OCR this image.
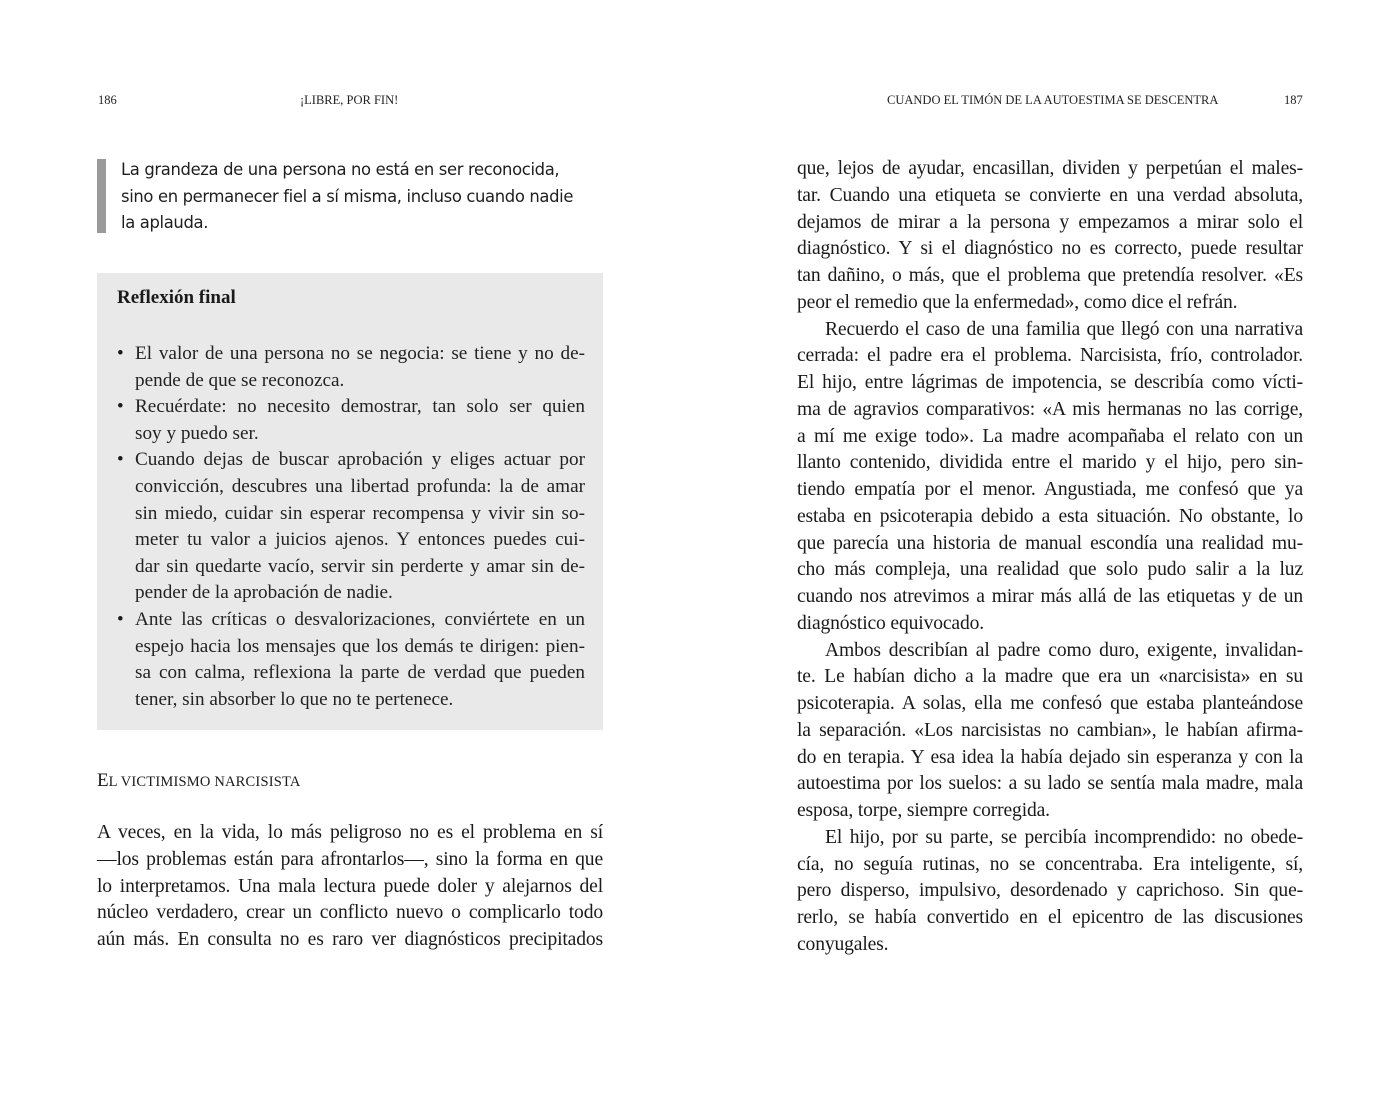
186	¡LIBRE, POR FIN!
La grandeza de una persona no está en ser reconocida,
sino en permanecer fiel a sí misma, incluso cuando nadie
la aplauda.
Reflexión final
• El valor de una persona no se negocia: se tiene y no de-
pende de que se reconozca.
• Recuérdate: no necesito demostrar, tan solo ser quien
soy y puedo ser.
• Cuando dejas de buscar aprobación y eliges actuar por
convicción, descubres una libertad profunda: la de amar
sin miedo, cuidar sin esperar recompensa y vivir sin so-
meter tu valor a juicios ajenos. Y entonces puedes cui-
dar sin quedarte vacío, servir sin perderte y amar sin de-
pender de la aprobación de nadie.
• Ante las críticas o desvalorizaciones, conviértete en un
espejo hacia los mensajes que los demás te dirigen: pien-
sa con calma, reflexiona la parte de verdad que pueden
tener, sin absorber lo que no te pertenece.
EL VICTIMISMO NARCISISTA
A veces, en la vida, lo más peligroso no es el problema en sí
—los problemas están para afrontarlos—, sino la forma en que
lo interpretamos. Una mala lectura puede doler y alejarnos del
núcleo verdadero, crear un conflicto nuevo o complicarlo todo
aún más. En consulta no es raro ver diagnósticos precipitados
CUANDO EL TIMÓN DE LA AUTOESTIMA SE DESCENTRA	187
que, lejos de ayudar, encasillan, dividen y perpetúan el males-
tar. Cuando una etiqueta se convierte en una verdad absoluta,
dejamos de mirar a la persona y empezamos a mirar solo el
diagnóstico. Y si el diagnóstico no es correcto, puede resultar
tan dañino, o más, que el problema que pretendía resolver. «Es
peor el remedio que la enfermedad», como dice el refrán.
Recuerdo el caso de una familia que llegó con una narrativa
cerrada: el padre era el problema. Narcisista, frío, controlador.
El hijo, entre lágrimas de impotencia, se describía como vícti-
ma de agravios comparativos: «A mis hermanas no las corrige,
a mí me exige todo». La madre acompañaba el relato con un
llanto contenido, dividida entre el marido y el hijo, pero sin-
tiendo empatía por el menor. Angustiada, me confesó que ya
estaba en psicoterapia debido a esta situación. No obstante, lo
que parecía una historia de manual escondía una realidad mu-
cho más compleja, una realidad que solo pudo salir a la luz
cuando nos atrevimos a mirar más allá de las etiquetas y de un
diagnóstico equivocado.
Ambos describían al padre como duro, exigente, invalidan-
te. Le habían dicho a la madre que era un «narcisista» en su
psicoterapia. A solas, ella me confesó que estaba planteándose
la separación. «Los narcisistas no cambian», le habían afirma-
do en terapia. Y esa idea la había dejado sin esperanza y con la
autoestima por los suelos: a su lado se sentía mala madre, mala
esposa, torpe, siempre corregida.
El hijo, por su parte, se percibía incomprendido: no obede-
cía, no seguía rutinas, no se concentraba. Era inteligente, sí,
pero disperso, impulsivo, desordenado y caprichoso. Sin que-
rerlo, se había convertido en el epicentro de las discusiones
conyugales.
